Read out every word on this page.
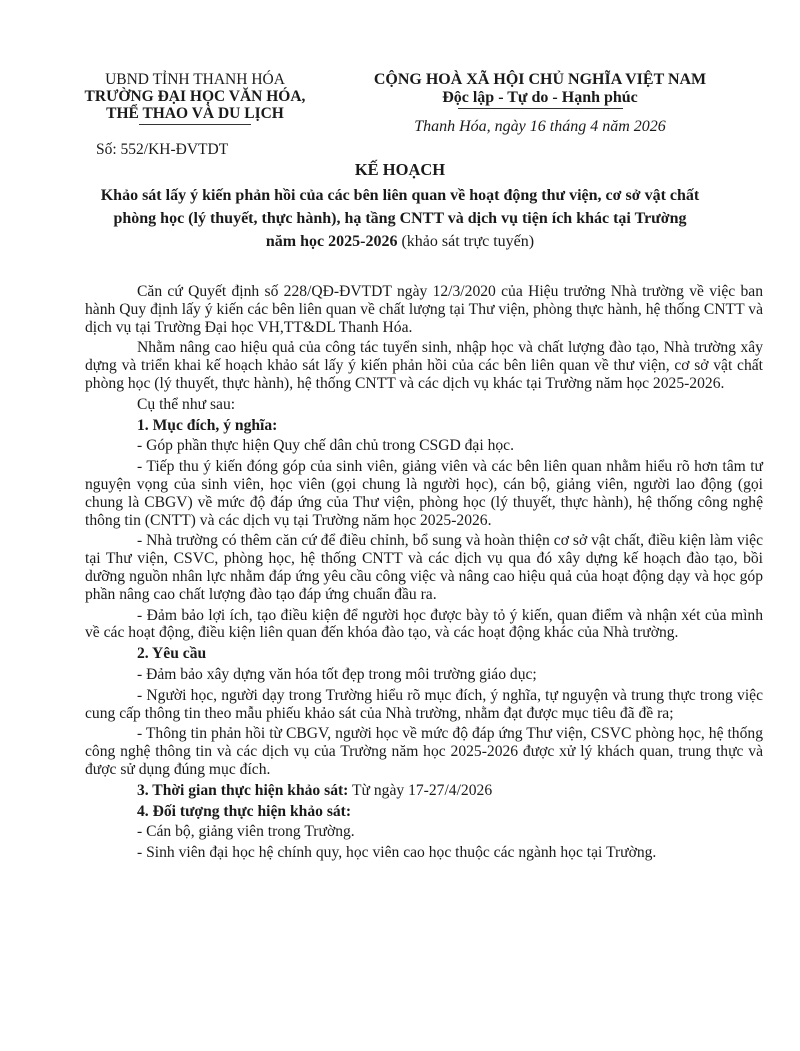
UBND TỈNH THANH HÓA
TRƯỜNG ĐẠI HỌC VĂN HÓA,
THỂ THAO VÀ DU LỊCH
Số: 552/KH-ĐVTDT
CỘNG HOÀ XÃ HỘI CHỦ NGHĨA VIỆT NAM
Độc lập - Tự do - Hạnh phúc
Thanh Hóa, ngày 16 tháng 4 năm 2026
KẾ HOẠCH
Khảo sát lấy ý kiến phản hồi của các bên liên quan về hoạt động thư viện, cơ sở vật chất
phòng học (lý thuyết, thực hành), hạ tầng CNTT và dịch vụ tiện ích khác tại Trường
năm học 2025-2026 (khảo sát trực tuyến)

Căn cứ Quyết định số 228/QĐ-ĐVTDT ngày 12/3/2020 của Hiệu trưởng Nhà trường về việc ban hành Quy định lấy ý kiến các bên liên quan về chất lượng tại Thư viện, phòng thực hành, hệ thống CNTT và dịch vụ tại Trường Đại học VH,TT&DL Thanh Hóa.

Nhằm nâng cao hiệu quả của công tác tuyển sinh, nhập học và chất lượng đào tạo, Nhà trường xây dựng và triển khai kế hoạch khảo sát lấy ý kiến phản hồi của các bên liên quan về thư viện, cơ sở vật chất phòng học (lý thuyết, thực hành), hệ thống CNTT và các dịch vụ khác tại Trường năm học 2025-2026.

Cụ thể như sau:

1. Mục đích, ý nghĩa:

- Góp phần thực hiện Quy chế dân chủ trong CSGD đại học.

- Tiếp thu ý kiến đóng góp của sinh viên, giảng viên và các bên liên quan nhằm hiểu rõ hơn tâm tư nguyện vọng của sinh viên, học viên (gọi chung là người học), cán bộ, giảng viên, người lao động (gọi chung là CBGV) về mức độ đáp ứng của Thư viện, phòng học (lý thuyết, thực hành), hệ thống công nghệ thông tin (CNTT) và các dịch vụ tại Trường năm học 2025-2026.

- Nhà trường có thêm căn cứ để điều chỉnh, bổ sung và hoàn thiện cơ sở vật chất, điều kiện làm việc tại Thư viện, CSVC, phòng học, hệ thống CNTT và các dịch vụ qua đó xây dựng kế hoạch đào tạo, bồi dưỡng nguồn nhân lực nhằm đáp ứng yêu cầu công việc và nâng cao hiệu quả của hoạt động dạy và học góp phần nâng cao chất lượng đào tạo đáp ứng chuẩn đầu ra.

- Đảm bảo lợi ích, tạo điều kiện để người học được bày tỏ ý kiến, quan điểm và nhận xét của mình về các hoạt động, điều kiện liên quan đến khóa đào tạo, và các hoạt động khác của Nhà trường.

2. Yêu cầu

- Đảm bảo xây dựng văn hóa tốt đẹp trong môi trường giáo dục;

- Người học, người dạy trong Trường hiểu rõ mục đích, ý nghĩa, tự nguyện và trung thực trong việc cung cấp thông tin theo mẫu phiếu khảo sát của Nhà trường, nhằm đạt được mục tiêu đã đề ra;

- Thông tin phản hồi từ CBGV, người học về mức độ đáp ứng Thư viện, CSVC phòng học, hệ thống công nghệ thông tin và các dịch vụ của Trường năm học 2025-2026 được xử lý khách quan, trung thực và được sử dụng đúng mục đích.

3. Thời gian thực hiện khảo sát: Từ ngày 17-27/4/2026

4. Đối tượng thực hiện khảo sát:

- Cán bộ, giảng viên trong Trường.

- Sinh viên đại học hệ chính quy, học viên cao học thuộc các ngành học tại Trường.
